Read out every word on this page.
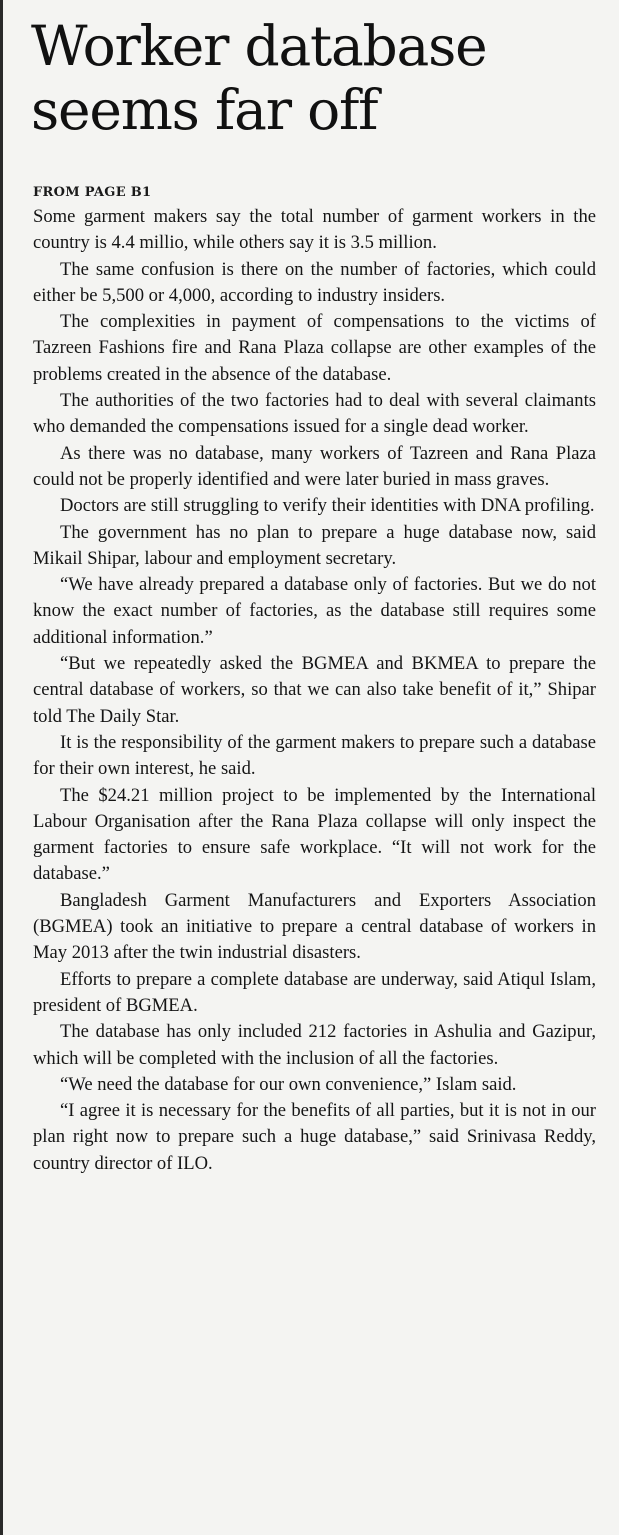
Worker database
seems far off
FROM PAGE B1

Some garment makers say the total number of garment workers in the country is 4.4 millio, while others say it is 3.5 million.

The same confusion is there on the number of factories, which could either be 5,500 or 4,000, according to industry insiders.

The complexities in payment of compensations to the victims of Tazreen Fashions fire and Rana Plaza collapse are other examples of the problems created in the absence of the database.

The authorities of the two factories had to deal with several claimants who demanded the compensations issued for a single dead worker.

As there was no database, many workers of Tazreen and Rana Plaza could not be properly identified and were later buried in mass graves.

Doctors are still struggling to verify their identities with DNA profiling.

The government has no plan to prepare a huge database now, said Mikail Shipar, labour and employment secretary.

“We have already prepared a database only of factories. But we do not know the exact number of factories, as the database still requires some additional information.”

“But we repeatedly asked the BGMEA and BKMEA to prepare the central database of workers, so that we can also take benefit of it,” Shipar told The Daily Star.

It is the responsibility of the garment makers to prepare such a database for their own interest, he said.

The $24.21 million project to be implemented by the International Labour Organisation after the Rana Plaza collapse will only inspect the garment factories to ensure safe workplace. “It will not work for the database.”

Bangladesh Garment Manufacturers and Exporters Association (BGMEA) took an initiative to prepare a central database of workers in May 2013 after the twin industrial disasters.

Efforts to prepare a complete database are underway, said Atiqul Islam, president of BGMEA.

The database has only included 212 factories in Ashulia and Gazipur, which will be completed with the inclusion of all the factories.

“We need the database for our own convenience,” Islam said.

“I agree it is necessary for the benefits of all parties, but it is not in our plan right now to prepare such a huge database,” said Srinivasa Reddy, country director of ILO.
